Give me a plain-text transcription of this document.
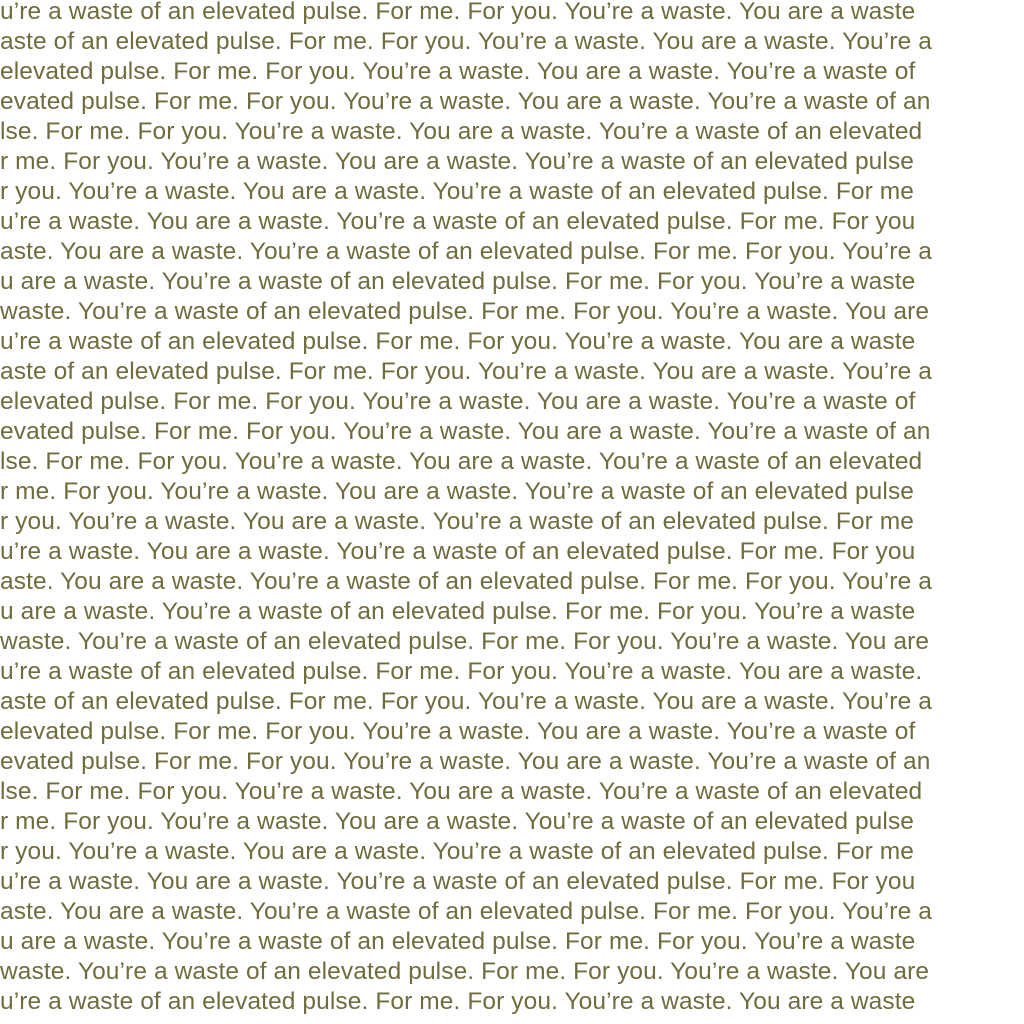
u’re a waste of an elevated pulse. For me. For you. You’re a waste. You are a waste
aste of an elevated pulse. For me. For you. You’re a waste. You are a waste. You’re a
elevated pulse. For me. For you. You’re a waste. You are a waste. You’re a waste of
evated pulse. For me. For you. You’re a waste. You are a waste. You’re a waste of an
lse. For me. For you. You’re a waste. You are a waste. You’re a waste of an elevated
r me. For you. You’re a waste. You are a waste. You’re a waste of an elevated pulse
r you. You’re a waste. You are a waste. You’re a waste of an elevated pulse. For me
u’re a waste. You are a waste. You’re a waste of an elevated pulse. For me. For you
aste. You are a waste. You’re a waste of an elevated pulse. For me. For you. You’re a
u are a waste. You’re a waste of an elevated pulse. For me. For you. You’re a waste
waste. You’re a waste of an elevated pulse. For me. For you. You’re a waste. You are
u’re a waste of an elevated pulse. For me. For you. You’re a waste. You are a waste
aste of an elevated pulse. For me. For you. You’re a waste. You are a waste. You’re a
elevated pulse. For me. For you. You’re a waste. You are a waste. You’re a waste of
evated pulse. For me. For you. You’re a waste. You are a waste. You’re a waste of an
lse. For me. For you. You’re a waste. You are a waste. You’re a waste of an elevated
r me. For you. You’re a waste. You are a waste. You’re a waste of an elevated pulse
r you. You’re a waste. You are a waste. You’re a waste of an elevated pulse. For me
u’re a waste. You are a waste. You’re a waste of an elevated pulse. For me. For you
aste. You are a waste. You’re a waste of an elevated pulse. For me. For you. You’re a
u are a waste. You’re a waste of an elevated pulse. For me. For you. You’re a waste
waste. You’re a waste of an elevated pulse. For me. For you. You’re a waste. You are
u’re a waste of an elevated pulse. For me. For you. You’re a waste. You are a waste.
aste of an elevated pulse. For me. For you. You’re a waste. You are a waste. You’re a
elevated pulse. For me. For you. You’re a waste. You are a waste. You’re a waste of
evated pulse. For me. For you. You’re a waste. You are a waste. You’re a waste of an
lse. For me. For you. You’re a waste. You are a waste. You’re a waste of an elevated
r me. For you. You’re a waste. You are a waste. You’re a waste of an elevated pulse
r you. You’re a waste. You are a waste. You’re a waste of an elevated pulse. For me
u’re a waste. You are a waste. You’re a waste of an elevated pulse. For me. For you
aste. You are a waste. You’re a waste of an elevated pulse. For me. For you. You’re a
u are a waste. You’re a waste of an elevated pulse. For me. For you. You’re a waste
waste. You’re a waste of an elevated pulse. For me. For you. You’re a waste. You are
u’re a waste of an elevated pulse. For me. For you. You’re a waste. You are a waste
